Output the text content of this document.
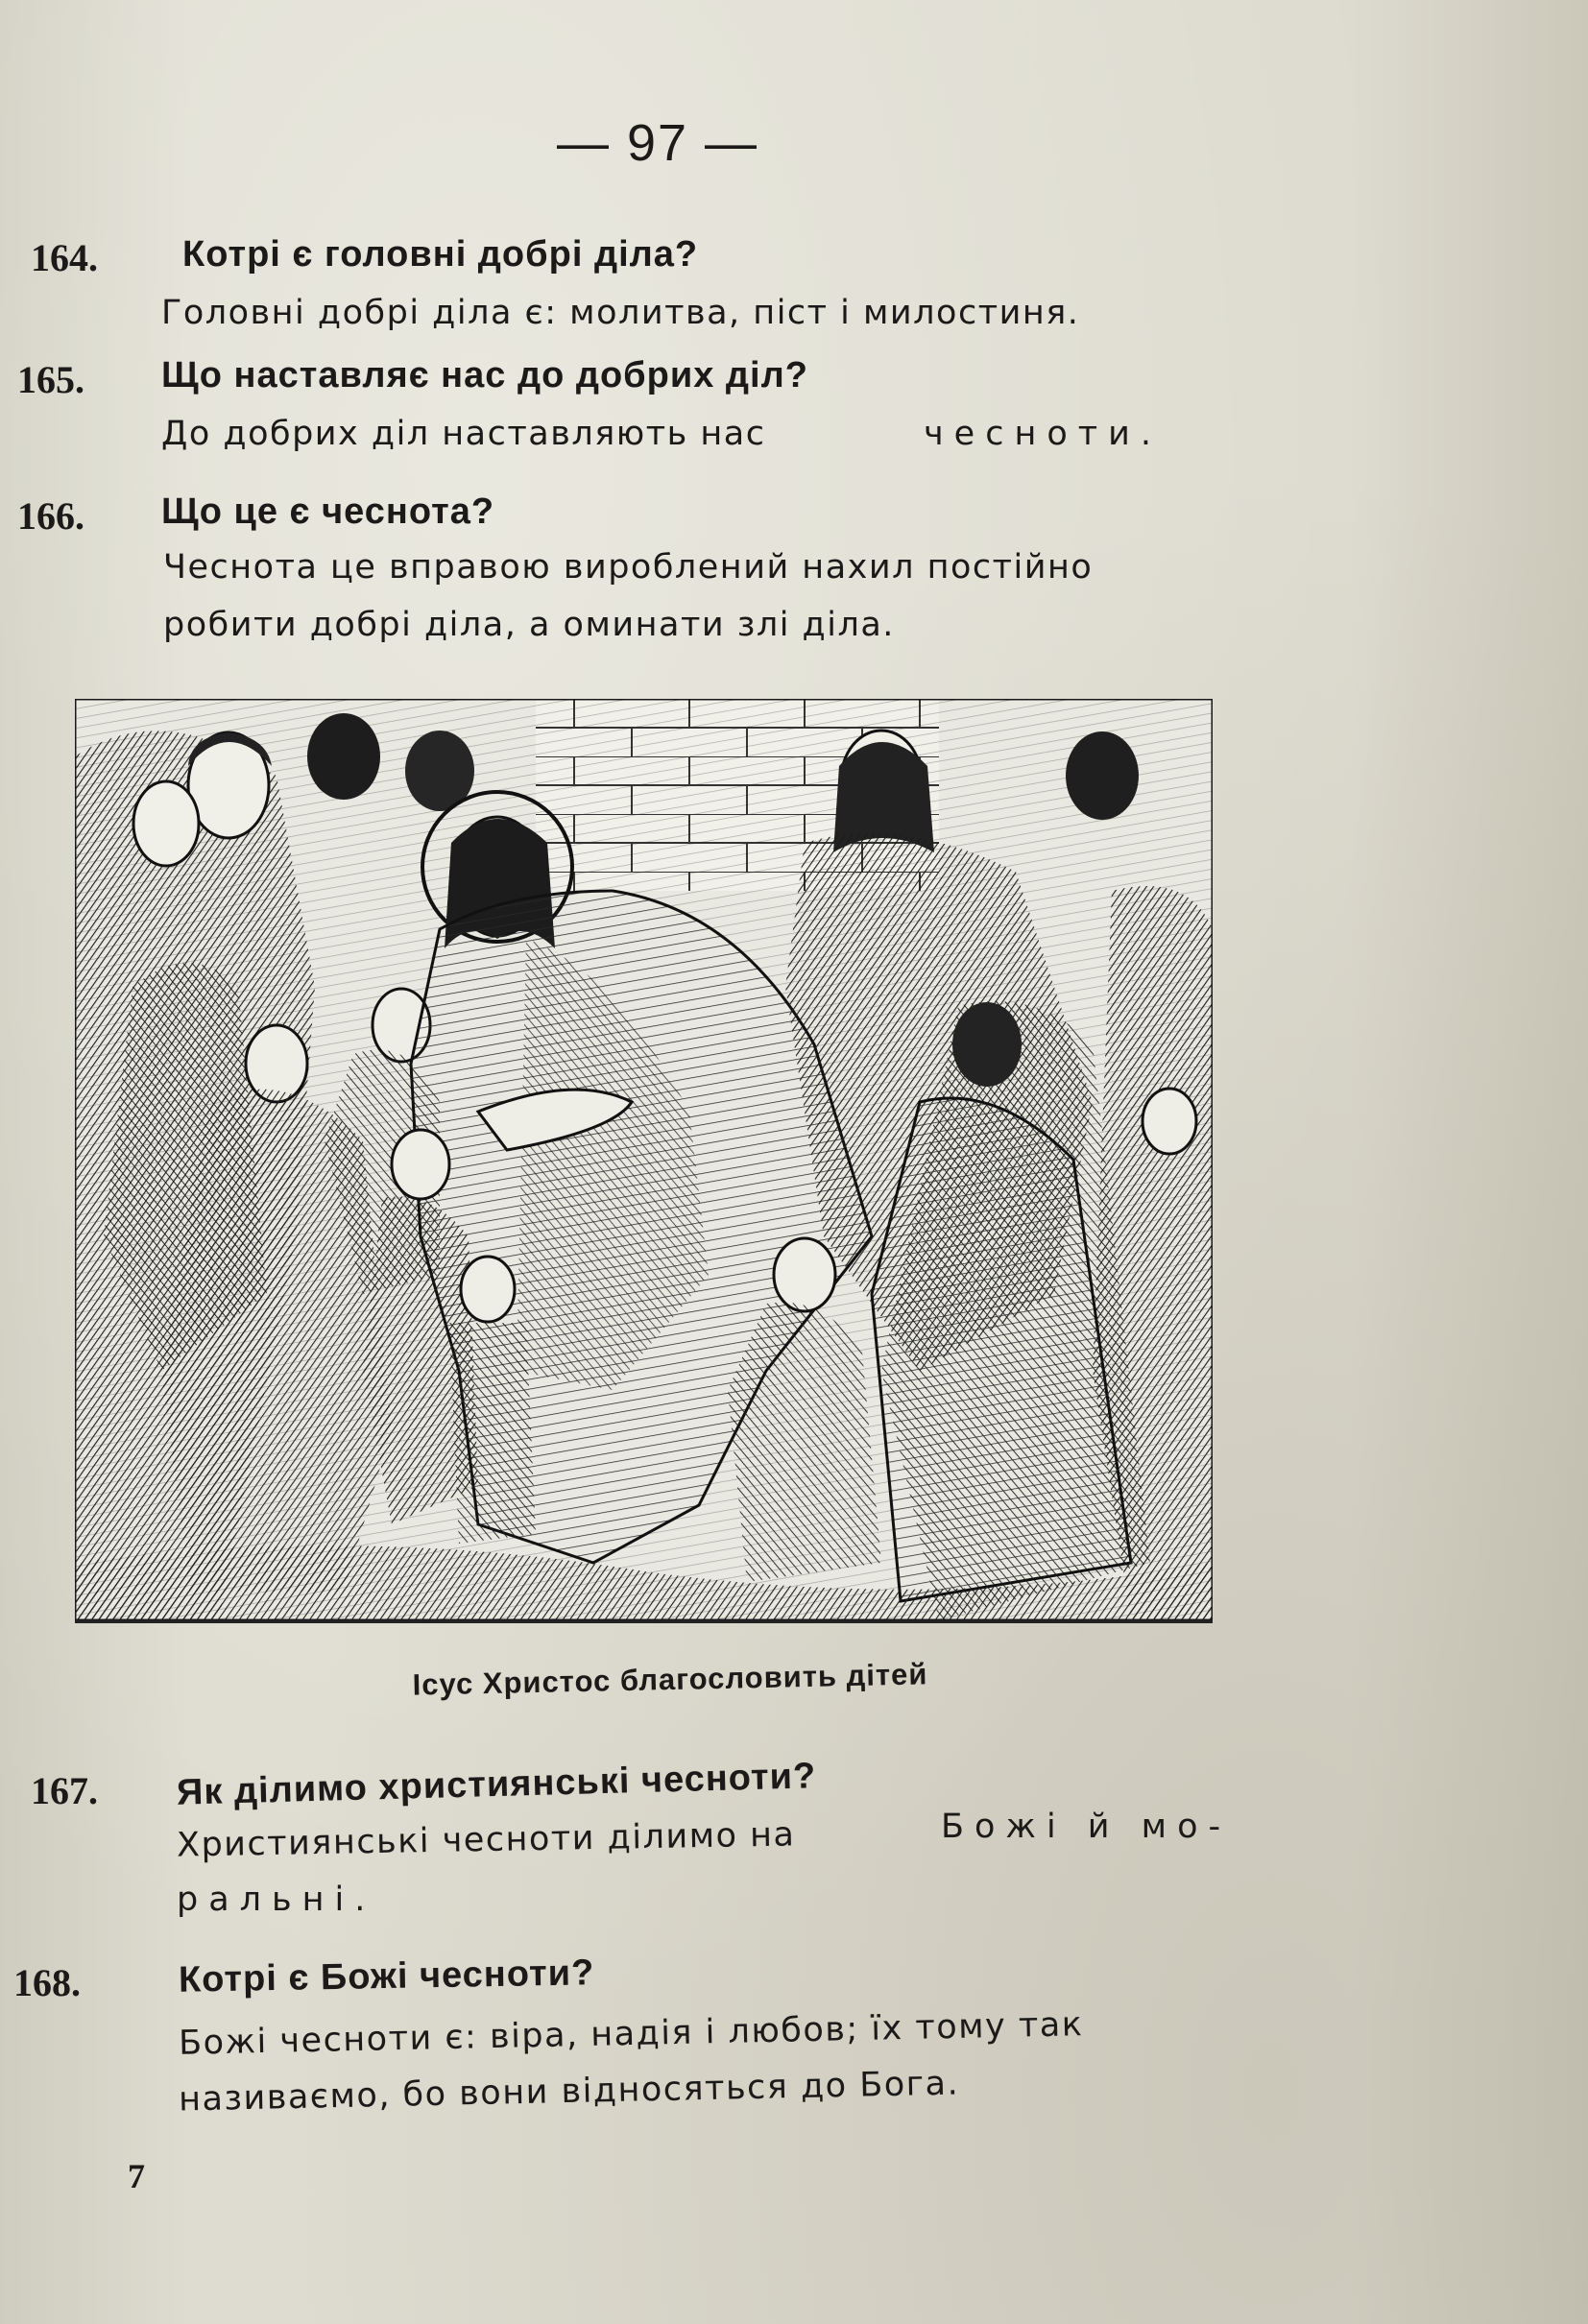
— 97 —
164. Котрі є головні добрі діла?
Головні добрі діла є: молитва, піст і милостиня.
165. Що наставляє нас до добрих діл?
До добрих діл наставляють нас	чесноти.
166. Що це є чеснота?
Чеснота це вправою вироблений нахил постійно
робити добрі діла, а оминати злі діла.
Ісус Христос благословить дітей
167. Як ділимо християнські чесноти?
Християнські чесноти ділимо на	Божі й мо-
ральні.
168.	Котрі є Божі чесноти?
Божі чесноти є: віра, надія і любов; їх тому так
називаємо, бо вони відносяться до Бога.
7
